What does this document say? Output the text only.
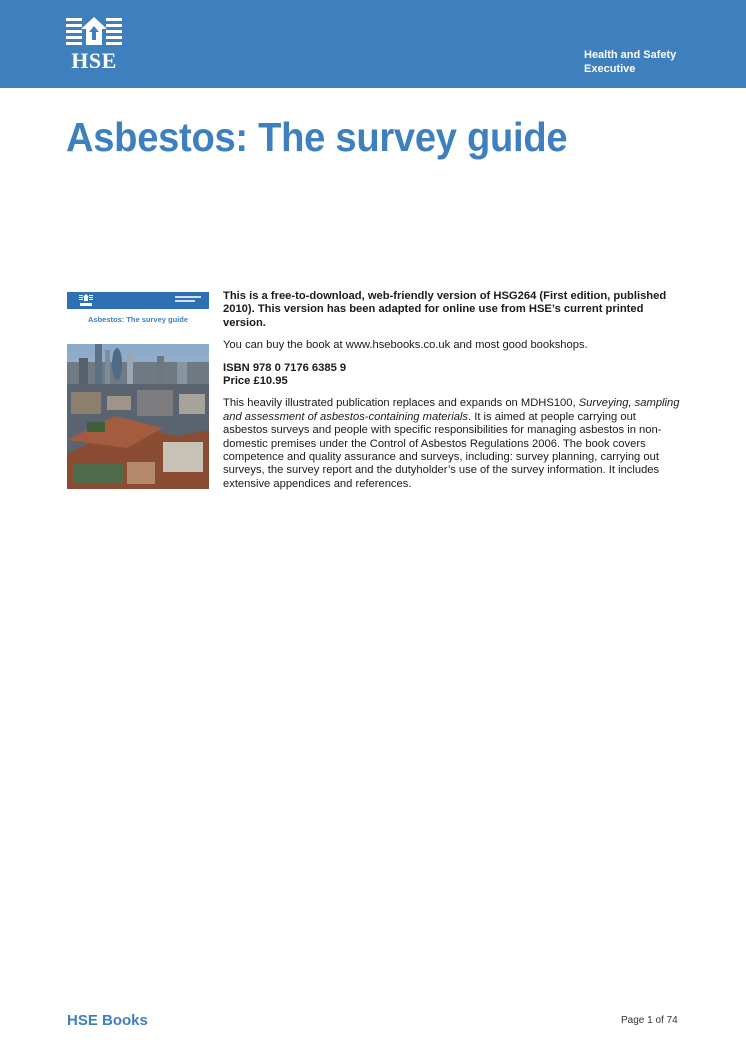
HSE	Health and Safety
Executive
Asbestos: The survey guide
Asbestos: The survey guide

This is a free-to-download, web-friendly version of HSG264 (First edition, published 2010). This version has been adapted for online use from HSE’s current printed version.

You can buy the book at www.hsebooks.co.uk and most good bookshops.

ISBN 978 0 7176 6385 9
Price £10.95

This heavily illustrated publication replaces and expands on MDHS100, Surveying, sampling and assessment of asbestos-containing materials. It is aimed at people carrying out asbestos surveys and people with specific responsibilities for managing asbestos in non-domestic premises under the Control of Asbestos Regulations 2006. The book covers competence and quality assurance and surveys, including: survey planning, carrying out surveys, the survey report and the dutyholder’s use of the survey information. It includes extensive appendices and references.

HSE Books	Page 1 of 74
